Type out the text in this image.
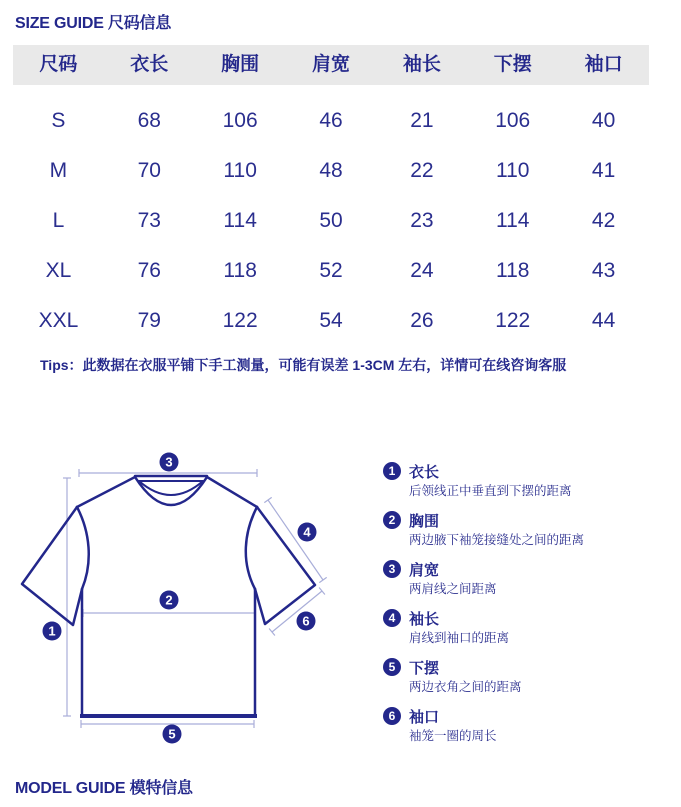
SIZE GUIDE 尺码信息
尺码	衣长	胸围	肩宽	袖长	下摆	袖口
S	68	106	46	21	106	40
M	70	110	48	22	110	41
L	73	114	50	23	114	42
XL	76	118	52	24	118	43
XXL	79	122	54	26	122	44
Tips：此数据在衣服平铺下手工测量，可能有误差 1-3CM 左右，详情可在线咨询客服
1
2
3
4
5
6
1 衣长
后领线正中垂直到下摆的距离
2 胸围
两边腋下袖笼接缝处之间的距离
3 肩宽
两肩线之间距离
4 袖长
肩线到袖口的距离
5 下摆
两边衣角之间的距离
6 袖口
袖笼一圈的周长
MODEL GUIDE 模特信息
